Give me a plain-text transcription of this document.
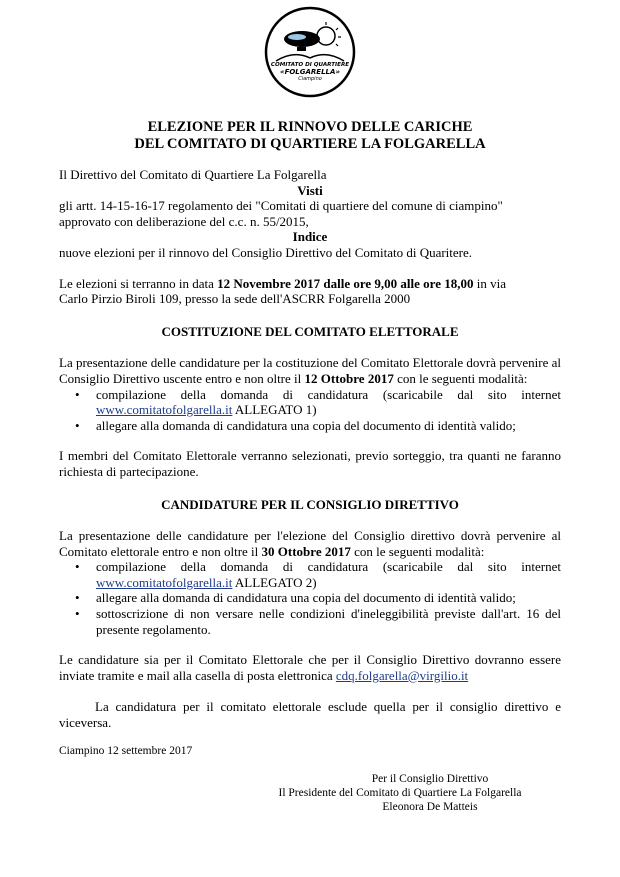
COMITATO DI QUARTIERE
«FOLGARELLA»
Ciampino
ELEZIONE PER IL RINNOVO DELLE CARICHE
DEL COMITATO DI QUARTIERE LA FOLGARELLA

Il Direttivo del Comitato di Quartiere La Folgarella

Visti

gli artt. 14-15-16-17 regolamento dei "Comitati di quartiere del comune di ciampino"

approvato con deliberazione del c.c. n. 55/2015,

Indice

nuove elezioni per il rinnovo del Consiglio Direttivo del Comitato di Quaritere.

Le elezioni si terranno in data 12 Novembre 2017 dalle ore 9,00 alle ore 18,00 in via

Carlo Pirzio Biroli 109, presso la sede dell'ASCRR Folgarella 2000

COSTITUZIONE DEL COMITATO ELETTORALE

La presentazione delle candidature per la costituzione del Comitato Elettorale dovrà pervenire al Consiglio Direttivo uscente entro e non oltre il 12 Ottobre 2017 con le seguenti modalità:

• compilazione della domanda di candidatura (scaricabile dal sito internet www.comitatofolgarella.it ALLEGATO 1)
• allegare alla domanda di candidatura una copia del documento di identità valido;

I membri del Comitato Elettorale verranno selezionati, previo sorteggio, tra quanti ne faranno richiesta di partecipazione.

CANDIDATURE PER IL CONSIGLIO DIRETTIVO

La presentazione delle candidature per l'elezione del Consiglio direttivo dovrà pervenire al Comitato elettorale entro e non oltre il 30 Ottobre 2017 con le seguenti modalità:

• compilazione della domanda di candidatura (scaricabile dal sito internet www.comitatofolgarella.it ALLEGATO 2)
• allegare alla domanda di candidatura una copia del documento di identità valido;
• sottoscrizione di non versare nelle condizioni d'ineleggibilità previste dall'art. 16 del presente regolamento.

Le candidature sia per il Comitato Elettorale che per il Consiglio Direttivo dovranno essere inviate tramite e mail alla casella di posta elettronica cdq.folgarella@virgilio.it

La candidatura per il comitato elettorale esclude quella per il consiglio direttivo e viceversa.

Ciampino 12 settembre 2017

Per il Consiglio Direttivo
Il Presidente del Comitato di Quartiere La Folgarella
Eleonora De Matteis
